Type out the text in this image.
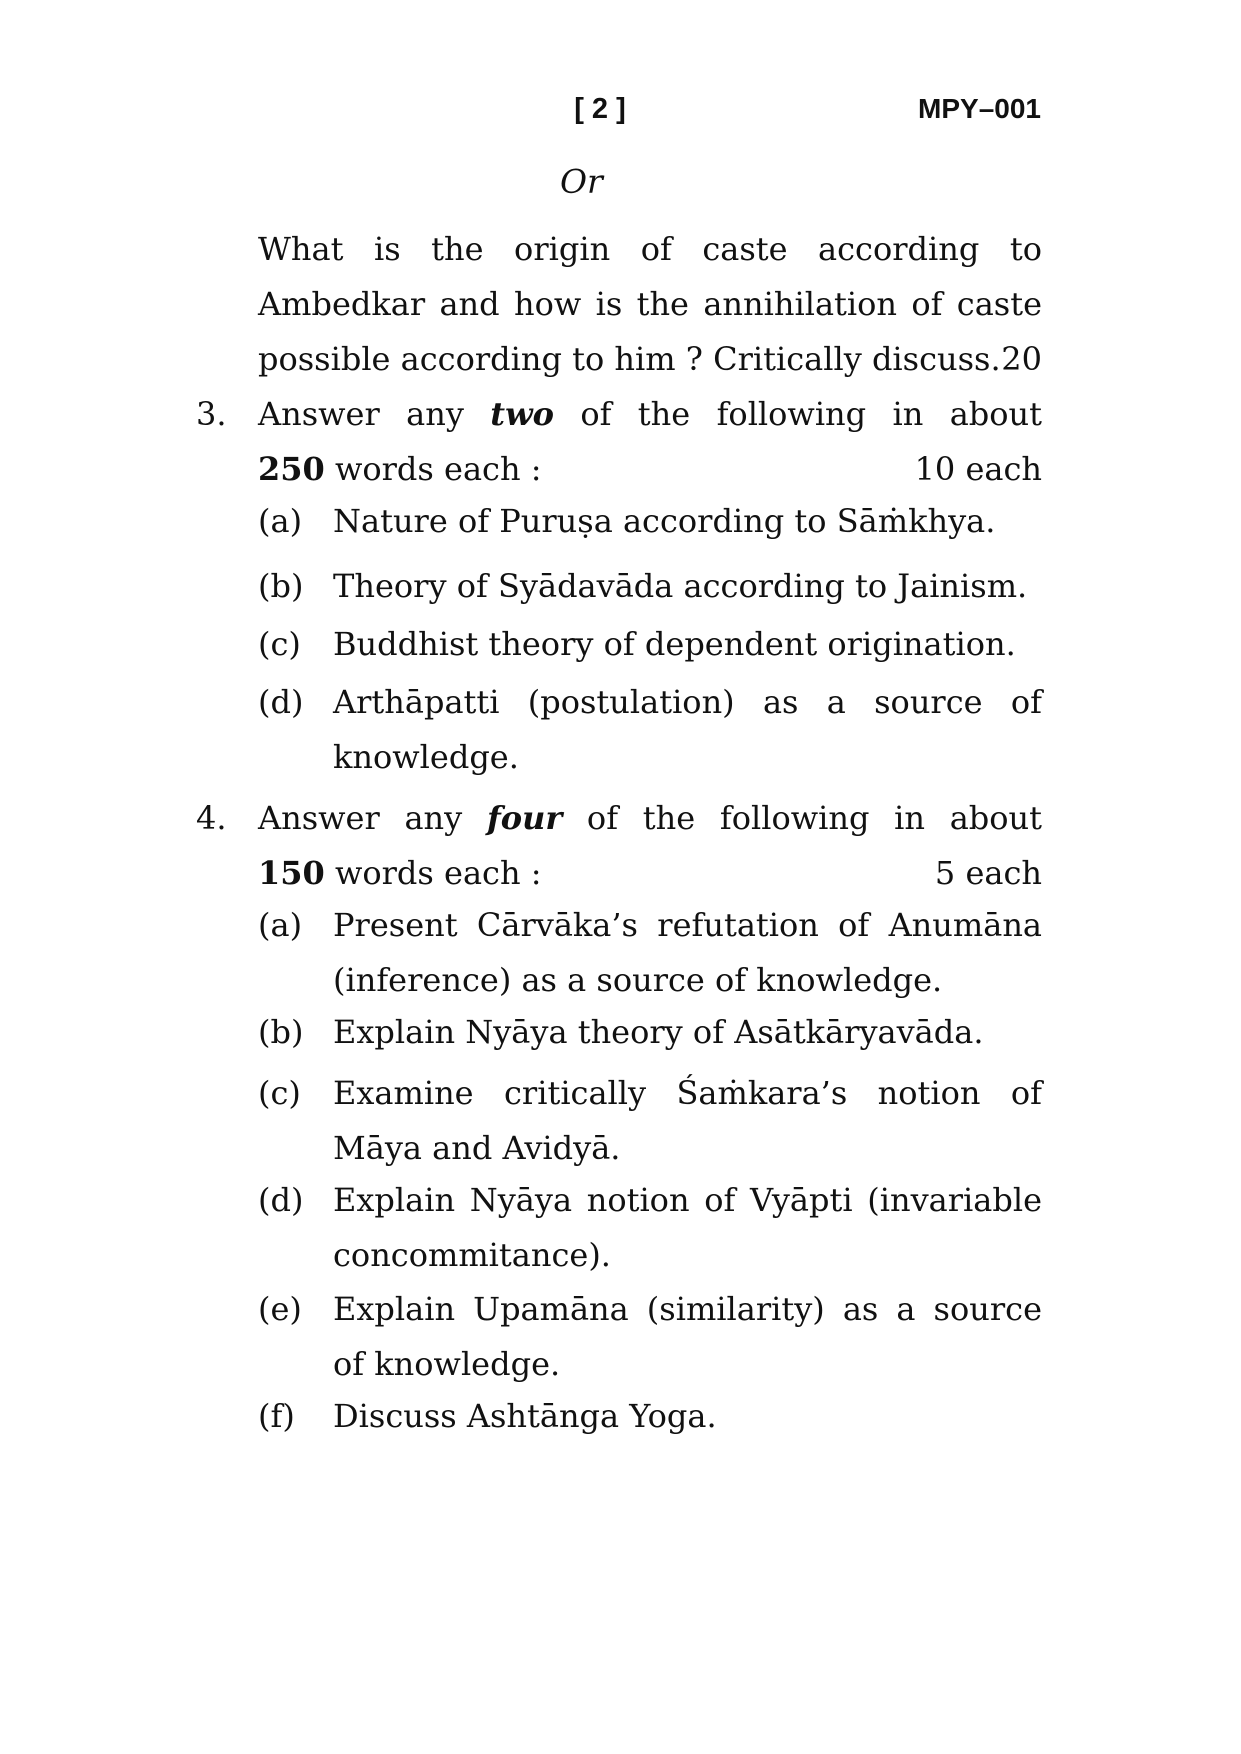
[ 2 ]	MPY–001
Or
What is the origin of caste according to
Ambedkar and how is the annihilation of caste
possible according to him ? Critically discuss. 20
3. Answer any two of the following in about
250 words each :	10 each
(a) Nature of Puruṣa according to Sāṁkhya.
(b) Theory of Syādavāda according to Jainism.
(c) Buddhist theory of dependent origination.
(d) Arthāpatti (postulation) as a source of knowledge.
4. Answer any four of the following in about
150 words each :	5 each
(a) Present Cārvāka’s refutation of Anumāna (inference) as a source of knowledge.
(b) Explain Nyāya theory of Asātkāryavāda.
(c) Examine critically Śaṁkara’s notion of Māya and Avidyā.
(d) Explain Nyāya notion of Vyāpti (invariable concommitance).
(e) Explain Upamāna (similarity) as a source of knowledge.
(f) Discuss Ashtānga Yoga.
